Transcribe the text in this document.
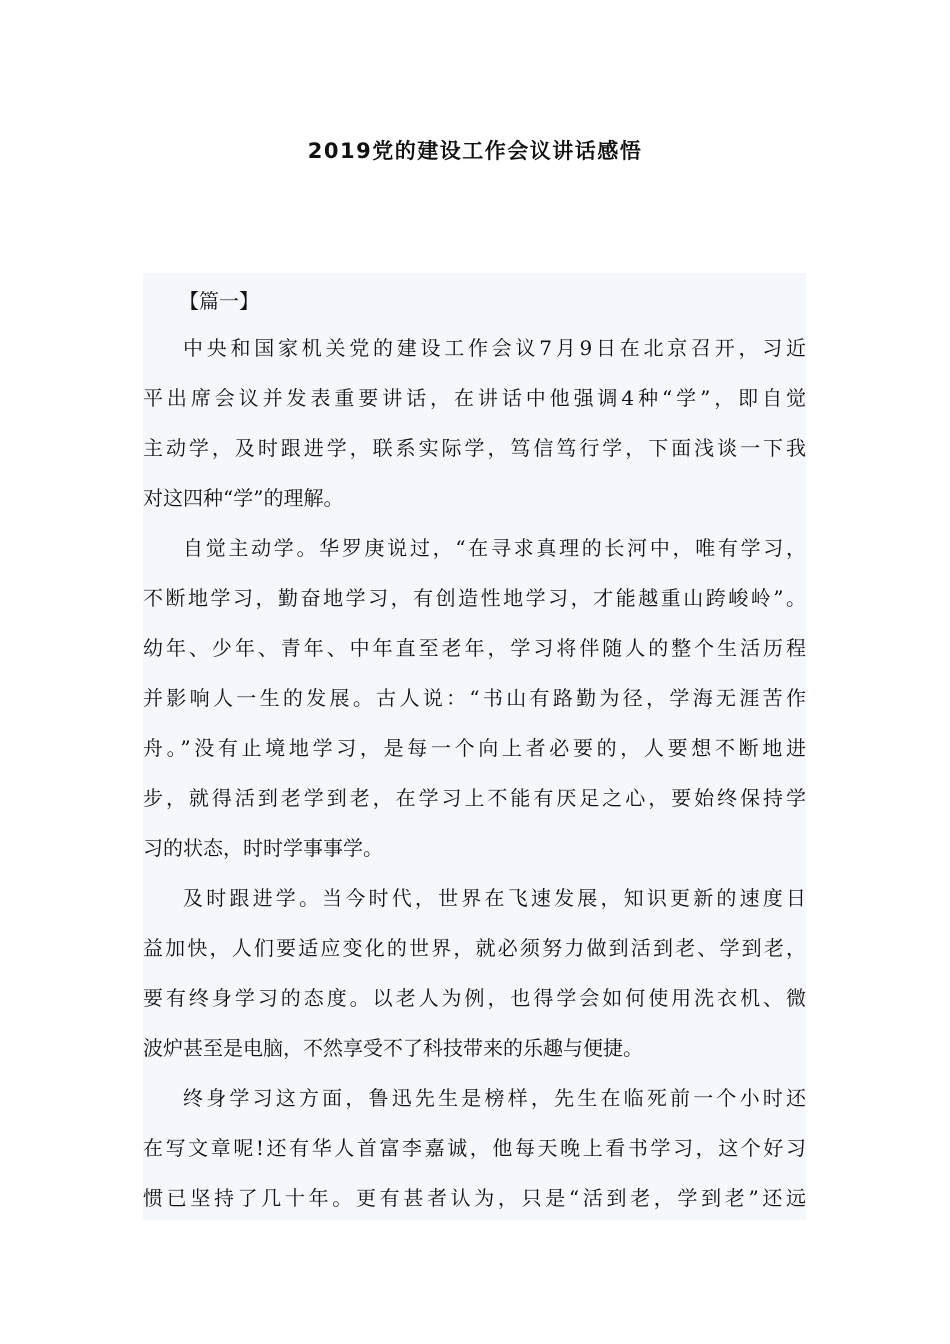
2019党的建设工作会议讲话感悟

【篇一】

中央和国家机关党的建设工作会议7月9日在北京召开，习近
平出席会议并发表重要讲话，在讲话中他强调4种“学”，即自觉
主动学，及时跟进学，联系实际学，笃信笃行学，下面浅谈一下我
对这四种“学”的理解。

自觉主动学。华罗庚说过，“在寻求真理的长河中，唯有学习，
不断地学习，勤奋地学习，有创造性地学习，才能越重山跨峻岭”。
幼年、少年、青年、中年直至老年，学习将伴随人的整个生活历程
并影响人一生的发展。古人说：“书山有路勤为径，学海无涯苦作
舟。”没有止境地学习，是每一个向上者必要的，人要想不断地进
步，就得活到老学到老，在学习上不能有厌足之心，要始终保持学
习的状态，时时学事事学。

及时跟进学。当今时代，世界在飞速发展，知识更新的速度日
益加快，人们要适应变化的世界，就必须努力做到活到老、学到老，
要有终身学习的态度。以老人为例，也得学会如何使用洗衣机、微
波炉甚至是电脑，不然享受不了科技带来的乐趣与便捷。

终身学习这方面，鲁迅先生是榜样，先生在临死前一个小时还
在写文章呢!还有华人首富李嘉诚，他每天晚上看书学习，这个好习
惯已坚持了几十年。更有甚者认为，只是“活到老，学到老”还远
